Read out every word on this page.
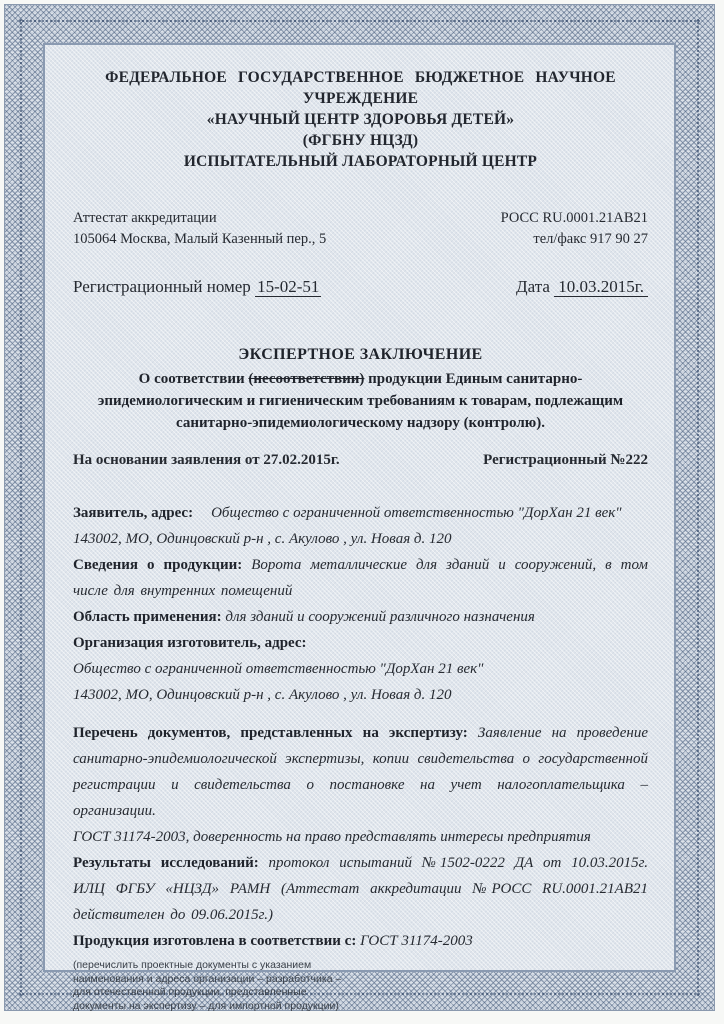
ФЕДЕРАЛЬНОЕ ГОСУДАРСТВЕННОЕ БЮДЖЕТНОЕ НАУЧНОЕ УЧРЕЖДЕНИЕ
«НАУЧНЫЙ ЦЕНТР ЗДОРОВЬЯ ДЕТЕЙ»
(ФГБНУ НЦЗД)
ИСПЫТАТЕЛЬНЫЙ ЛАБОРАТОРНЫЙ ЦЕНТР
Аттестат аккредитации
105064 Москва, Малый Казенный пер., 5
РОСС RU.0001.21АВ21
тел/факс 917 90 27
Регистрационный номер 15-02-51	Дата 10.03.2015г.
ЭКСПЕРТНОЕ ЗАКЛЮЧЕНИЕ
О соответствии (несоответствии) продукции Единым санитарно-
эпидемиологическим и гигиеническим требованиям к товарам, подлежащим
санитарно-эпидемиологическому надзору (контролю).
На основании заявления от 27.02.2015г.	Регистрационный №222

Заявитель, адрес: Общество с ограниченной ответственностью "ДорХан 21 век"

143002, МО, Одинцовский р-н , с. Акулово , ул. Новая д. 120

Сведения о продукции: Ворота металлические для зданий и сооружений, в том числе для внутренних помещений

Область применения: для зданий и сооружений различного назначения

Организация изготовитель, адрес:

Общество с ограниченной ответственностью "ДорХан 21 век"

143002, МО, Одинцовский р-н , с. Акулово , ул. Новая д. 120

Перечень документов, представленных на экспертизу: Заявление на проведение санитарно-эпидемиологической экспертизы, копии свидетельства о государственной регистрации и свидетельства о постановке на учет налогоплательщика – организации.

ГОСТ 31174-2003, доверенность на право представлять интересы предприятия

Результаты исследований: протокол испытаний №1502-0222 ДА от 10.03.2015г. ИЛЦ ФГБУ «НЦЗД» РАМН (Аттестат аккредитации №РОСС RU.0001.21АВ21 действителен до 09.06.2015г.)

Продукция изготовлена в соответствии с: ГОСТ 31174-2003

(перечислить проектные документы с указанием
наименования и адреса организации – разработчика –
для отечественной продукции, представленные
документы на экспертизу – для импортной продукции)
